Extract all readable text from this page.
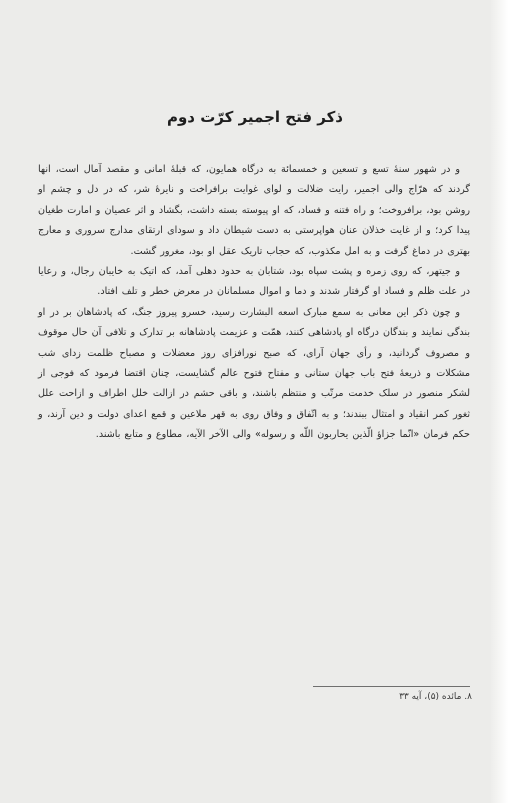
ذکر فتح اجمیر کرّت دوم

و در شهور سنهٔ تسع و تسعین و خمسمائة به درگاه همایون، که قبلهٔ امانی و مقصد آمال است، انها گردند که هرّاج والی اجمیر، رایت ضلالت و لوای غوایت برافراخت و نایرهٔ شر، که در دل و چشم او روشن بود، برافروخت؛ و راه فتنه و فساد، که او پیوسته بسته داشت، بگشاد و اثر عصیان و امارت طغیان پیدا کرد؛ و از غایت خذلان عنان هواپرستی به دست شیطان داد و سودای ارتقای مدارج سروری و معارج بهتری در دماغ گرفت و به امل مکذوب، که حجاب تاریک عقل او بود، مغرور گشت.

و جیتهر، که روی زمره و پشت سپاه بود، شتابان به حدود دهلی آمد، که اتیک به خایبان رجال، و رعایا در علت ظلم و فساد او گرفتار شدند و دما و اموال مسلمانان در معرض خطر و تلف افتاد.

و چون ذکر این معانی به سمع مبارک اسعه البشارت رسید، خسرو پیروز جنگ، که پادشاهان بر در او بندگی نمایند و بندگان درگاه او پادشاهی کنند، همّت و عزیمت پادشاهانه بر تدارک و تلافی آن حال موقوف و مصروف گردانید، و رأی جهان آرای، که صبح نورافزای روز معضلات و مصباح ظلمت زدای شب مشکلات و ذریعهٔ فتح باب جهان ستانی و مفتاح فتوح عالم گشایست، چنان اقتضا فرمود که فوجی از لشکر منصور در سلک خدمت مرتّب و منتظم باشند، و باقی حشم در ازالت خلل اطراف و ازاحت علل ثغور کمر انقیاد و امتثال ببندند؛ و به اتّفاق و وفاق روی به قهر ملاعین و قمع اعدای دولت و دین آرند، و حکم فرمان «انّما جزاؤ الّذین یحاربون اللّه و رسوله» والی الآخر الآیه، مطاوع و متابع باشند.

۸. مائده (۵)، آیه ۳۳
